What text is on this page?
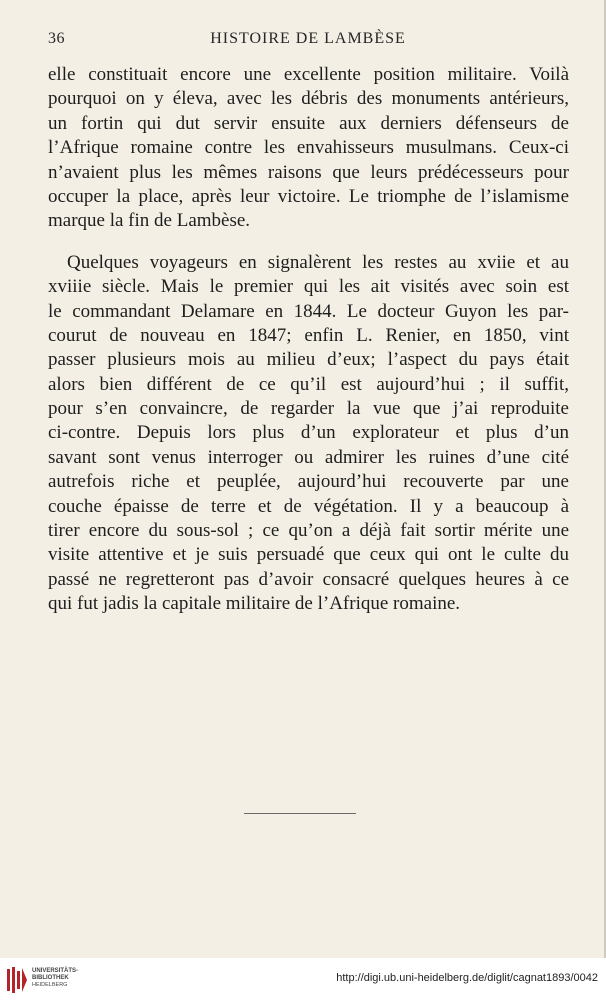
36	HISTOIRE DE LAMBÈSE
elle constituait encore une excellente position militaire. Voilà
pourquoi on y éleva, avec les débris des monuments antérieurs,
un fortin qui dut servir ensuite aux derniers défenseurs de
l’Afrique romaine contre les envahisseurs musulmans. Ceux-ci
n’avaient plus les mêmes raisons que leurs prédécesseurs pour
occuper la place, après leur victoire. Le triomphe de l’islamisme
marque la fin de Lambèse.
Quelques voyageurs en signalèrent les restes au xviie et au
xviiie siècle. Mais le premier qui les ait visités avec soin est
le commandant Delamare en 1844. Le docteur Guyon les par-
courut de nouveau en 1847; enfin L. Renier, en 1850, vint
passer plusieurs mois au milieu d’eux; l’aspect du pays était
alors bien différent de ce qu’il est aujourd’hui ; il suffit,
pour s’en convaincre, de regarder la vue que j’ai reproduite
ci-contre. Depuis lors plus d’un explorateur et plus d’un
savant sont venus interroger ou admirer les ruines d’une cité
autrefois riche et peuplée, aujourd’hui recouverte par une
couche épaisse de terre et de végétation. Il y a beaucoup à
tirer encore du sous-sol ; ce qu’on a déjà fait sortir mérite une
visite attentive et je suis persuadé que ceux qui ont le culte du
passé ne regretteront pas d’avoir consacré quelques heures à ce
qui fut jadis la capitale militaire de l’Afrique romaine.
UNIVERSITÄTS-
BIBLIOTHEK
HEIDELBERG
http://digi.ub.uni-heidelberg.de/diglit/cagnat1893/0042
